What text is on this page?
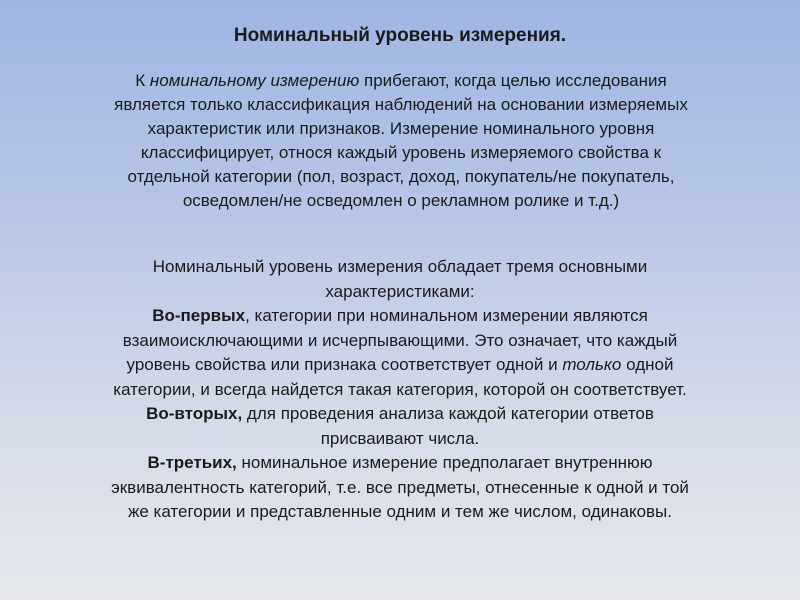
Номинальный уровень измерения.

К номинальному измерению прибегают, когда целью исследования
является только классификация наблюдений на основании измеряемых
характеристик или признаков. Измерение номинального уровня
классифицирует, относя каждый уровень измеряемого свойства к
отдельной категории (пол, возраст, доход, покупатель/не покупатель,
осведомлен/не осведомлен о рекламном ролике и т.д.)

Номинальный уровень измерения обладает тремя основными
характеристиками:
Во-первых, категории при номинальном измерении являются
взаимоисключающими и исчерпывающими. Это означает, что каждый
уровень свойства или признака соответствует одной и только одной
категории, и всегда найдется такая категория, которой он соответствует.
Во-вторых, для проведения анализа каждой категории ответов
присваивают числа.
В-третьих, номинальное измерение предполагает внутреннюю
эквивалентность категорий, т.е. все предметы, отнесенные к одной и той
же категории и представленные одним и тем же числом, одинаковы.
